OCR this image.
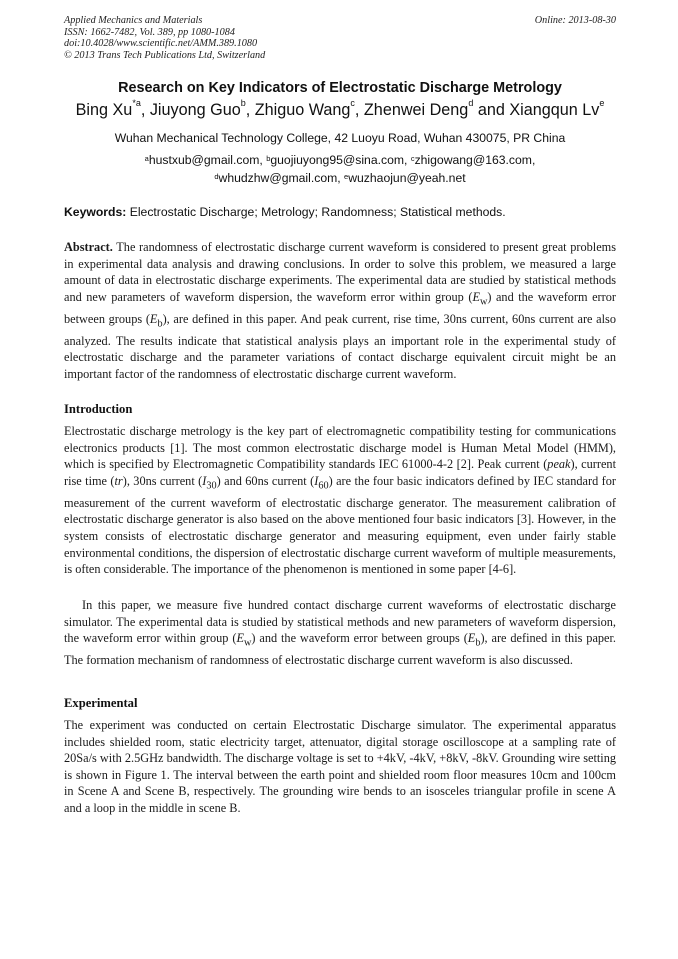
Applied Mechanics and Materials
ISSN: 1662-7482, Vol. 389, pp 1080-1084
doi:10.4028/www.scientific.net/AMM.389.1080
© 2013 Trans Tech Publications Ltd, Switzerland
Online: 2013-08-30
Research on Key Indicators of Electrostatic Discharge Metrology
Bing Xu$^{*a}$, Jiuyong Guo$^b$, Zhiguo Wang$^c$, Zhenwei Deng$^d$ and Xiangqun Lv$^e$
Wuhan Mechanical Technology College, 42 Luoyu Road, Wuhan 430075, PR China
$^a$hustxub@gmail.com, $^b$guojiuyong95@sina.com, $^c$zhigowang@163.com,
$^d$whudzhw@gmail.com, $^e$wuzhaojun@yeah.net
Keywords: Electrostatic Discharge; Metrology; Randomness; Statistical methods.
Abstract. The randomness of electrostatic discharge current waveform is considered to present great problems in experimental data analysis and drawing conclusions. In order to solve this problem, we measured a large amount of data in electrostatic discharge experiments. The experimental data are studied by statistical methods and new parameters of waveform dispersion, the waveform error within group $(E_w)$ and the waveform error between groups $(E_b)$, are defined in this paper. And peak current, rise time, 30ns current, 60ns current are also analyzed. The results indicate that statistical analysis plays an important role in the experimental study of electrostatic discharge and the parameter variations of contact discharge equivalent circuit might be an important factor of the randomness of electrostatic discharge current waveform.
Introduction
Electrostatic discharge metrology is the key part of electromagnetic compatibility testing for communications electronics products [1]. The most common electrostatic discharge model is Human Metal Model (HMM), which is specified by Electromagnetic Compatibility standards IEC 61000-4-2 [2]. Peak current (peak), current rise time (tr), 30ns current $(I_{30})$ and 60ns current $(I_{60})$ are the four basic indicators defined by IEC standard for measurement of the current waveform of electrostatic discharge generator. The measurement calibration of electrostatic discharge generator is also based on the above mentioned four basic indicators [3]. However, in the system consists of electrostatic discharge generator and measuring equipment, even under fairly stable environmental conditions, the dispersion of electrostatic discharge current waveform of multiple measurements, is often considerable. The importance of the phenomenon is mentioned in some paper [4-6].
In this paper, we measure five hundred contact discharge current waveforms of electrostatic discharge simulator. The experimental data is studied by statistical methods and new parameters of waveform dispersion, the waveform error within group $(E_w)$ and the waveform error between groups $(E_b)$, are defined in this paper. The formation mechanism of randomness of electrostatic discharge current waveform is also discussed.
Experimental
The experiment was conducted on certain Electrostatic Discharge simulator. The experimental apparatus includes shielded room, static electricity target, attenuator, digital storage oscilloscope at a sampling rate of 20Sa/s with 2.5GHz bandwidth. The discharge voltage is set to +4kV, -4kV, +8kV, -8kV. Grounding wire setting is shown in Figure 1. The interval between the earth point and shielded room floor measures 10cm and 100cm in Scene A and Scene B, respectively. The grounding wire bends to an isosceles triangular profile in scene A and a loop in the middle in scene B.
